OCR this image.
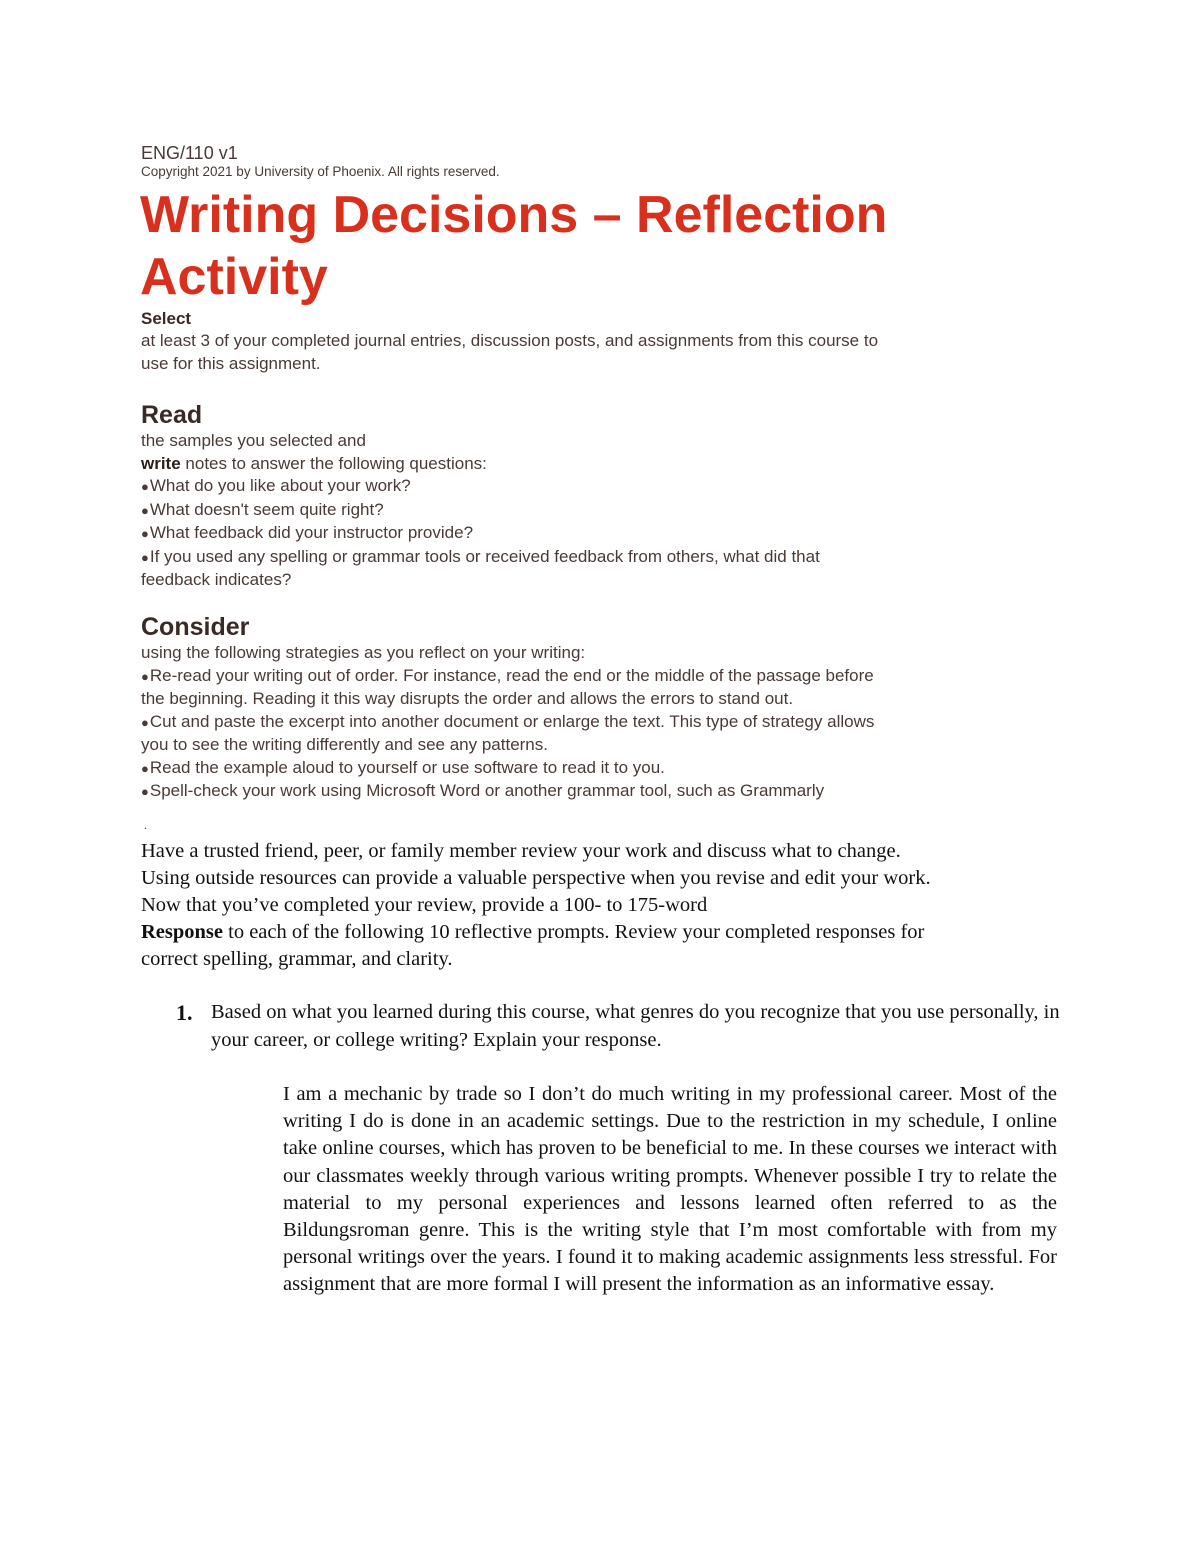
ENG/110 v1
Copyright 2021 by University of Phoenix. All rights reserved.
Writing Decisions – Reflection Activity
Select
at least 3 of your completed journal entries, discussion posts, and assignments from this course to
use for this assignment.
Read
the samples you selected and
write notes to answer the following questions:
●What do you like about your work?
●What doesn't seem quite right?
●What feedback did your instructor provide?
●If you used any spelling or grammar tools or received feedback from others, what did that
feedback indicates?
Consider
using the following strategies as you reflect on your writing:
●Re-read your writing out of order. For instance, read the end or the middle of the passage before
the beginning. Reading it this way disrupts the order and allows the errors to stand out.
●Cut and paste the excerpt into another document or enlarge the text. This type of strategy allows
you to see the writing differently and see any patterns.
●Read the example aloud to yourself or use software to read it to you.
●Spell-check your work using Microsoft Word or another grammar tool, such as Grammarly
.
Have a trusted friend, peer, or family member review your work and discuss what to change.
Using outside resources can provide a valuable perspective when you revise and edit your work.
Now that you’ve completed your review, provide a 100- to 175-word
Response to each of the following 10 reflective prompts. Review your completed responses for
correct spelling, grammar, and clarity.
1. Based on what you learned during this course, what genres do you recognize that you use personally, in your career, or college writing? Explain your response.
I am a mechanic by trade so I don’t do much writing in my professional career. Most of the writing I do is done in an academic settings. Due to the restriction in my schedule, I online take online courses, which has proven to be beneficial to me. In these courses we interact with our classmates weekly through various writing prompts. Whenever possible I try to relate the material to my personal experiences and lessons learned often referred to as the Bildungsroman genre. This is the writing style that I’m most comfortable with from my personal writings over the years. I found it to making academic assignments less stressful. For assignment that are more formal I will present the information as an informative essay.
